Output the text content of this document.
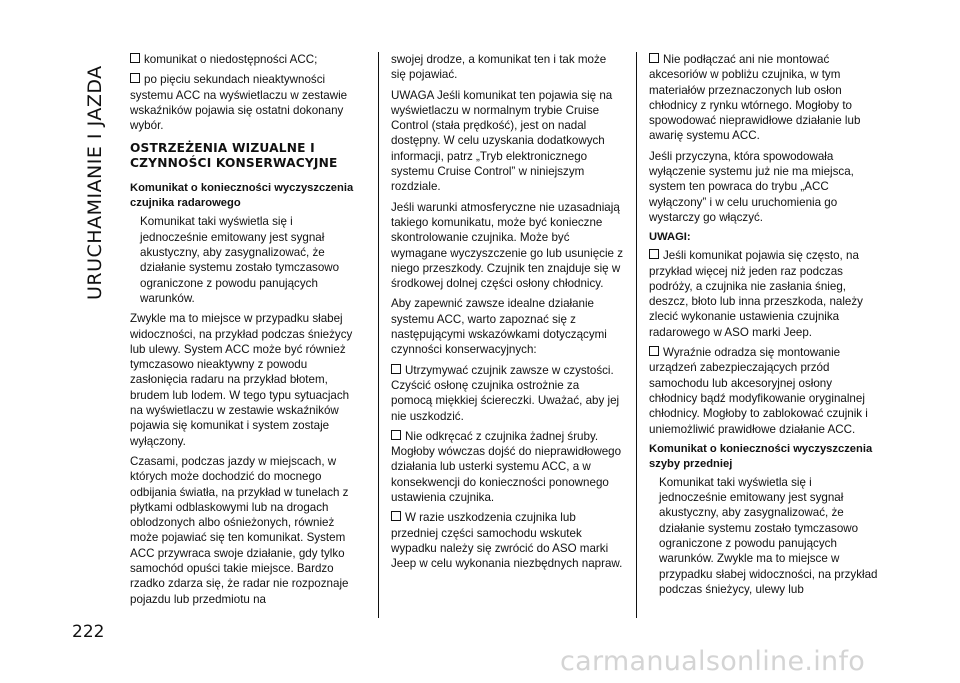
URUCHAMIANIE I JAZDA

komunikat o niedostępności ACC;

po pięciu sekundach nieaktywności systemu ACC na wyświetlaczu w zestawie wskaźników pojawia się ostatni dokonany wybór.

OSTRZEŻENIA WIZUALNE I
CZYNNOŚCI KONSERWACYJNE
Komunikat o konieczności wyczyszczenia czujnika radarowego

Komunikat taki wyświetla się i jednocześnie emitowany jest sygnał akustyczny, aby zasygnalizować, że działanie systemu zostało tymczasowo ograniczone z powodu panujących warunków.

Zwykle ma to miejsce w przypadku słabej widoczności, na przykład podczas śnieżycy lub ulewy. System ACC może być również tymczasowo nieaktywny z powodu zasłonięcia radaru na przykład błotem, brudem lub lodem. W tego typu sytuacjach na wyświetlaczu w zestawie wskaźników pojawia się komunikat i system zostaje wyłączony.

Czasami, podczas jazdy w miejscach, w których może dochodzić do mocnego odbijania światła, na przykład w tunelach z płytkami odblaskowymi lub na drogach oblodzonych albo ośnieżonych, również może pojawiać się ten komunikat. System ACC przywraca swoje działanie, gdy tylko samochód opuści takie miejsce. Bardzo rzadko zdarza się, że radar nie rozpoznaje pojazdu lub przedmiotu na

swojej drodze, a komunikat ten i tak może się pojawiać.

UWAGA Jeśli komunikat ten pojawia się na wyświetlaczu w normalnym trybie Cruise Control (stała prędkość), jest on nadal dostępny. W celu uzyskania dodatkowych informacji, patrz „Tryb elektronicznego systemu Cruise Control” w niniejszym rozdziale.

Jeśli warunki atmosferyczne nie uzasadniają takiego komunikatu, może być konieczne skontrolowanie czujnika. Może być wymagane wyczyszczenie go lub usunięcie z niego przeszkody. Czujnik ten znajduje się w środkowej dolnej części osłony chłodnicy.

Aby zapewnić zawsze idealne działanie systemu ACC, warto zapoznać się z następującymi wskazówkami dotyczącymi czynności konserwacyjnych:

Utrzymywać czujnik zawsze w czystości. Czyścić osłonę czujnika ostrożnie za pomocą miękkiej ściereczki. Uważać, aby jej nie uszkodzić.

Nie odkręcać z czujnika żadnej śruby. Mogłoby wówczas dojść do nieprawidłowego działania lub usterki systemu ACC, a w konsekwencji do konieczności ponownego ustawienia czujnika.

W razie uszkodzenia czujnika lub przedniej części samochodu wskutek wypadku należy się zwrócić do ASO marki Jeep w celu wykonania niezbędnych napraw.

Nie podłączać ani nie montować akcesoriów w pobliżu czujnika, w tym materiałów przeznaczonych lub osłon chłodnicy z rynku wtórnego. Mogłoby to spowodować nieprawidłowe działanie lub awarię systemu ACC.

Jeśli przyczyna, która spowodowała wyłączenie systemu już nie ma miejsca, system ten powraca do trybu „ACC wyłączony” i w celu uruchomienia go wystarczy go włączyć.

UWAGI:

Jeśli komunikat pojawia się często, na przykład więcej niż jeden raz podczas podróży, a czujnika nie zasłania śnieg, deszcz, błoto lub inna przeszkoda, należy zlecić wykonanie ustawienia czujnika radarowego w ASO marki Jeep.

Wyraźnie odradza się montowanie urządzeń zabezpieczających przód samochodu lub akcesoryjnej osłony chłodnicy bądź modyfikowanie oryginalnej chłodnicy. Mogłoby to zablokować czujnik i uniemożliwić prawidłowe działanie ACC.

Komunikat o konieczności wyczyszczenia szyby przedniej

Komunikat taki wyświetla się i jednocześnie emitowany jest sygnał akustyczny, aby zasygnalizować, że działanie systemu zostało tymczasowo ograniczone z powodu panujących warunków. Zwykle ma to miejsce w przypadku słabej widoczności, na przykład podczas śnieżycy, ulewy lub

222
carmanualsonline.info
